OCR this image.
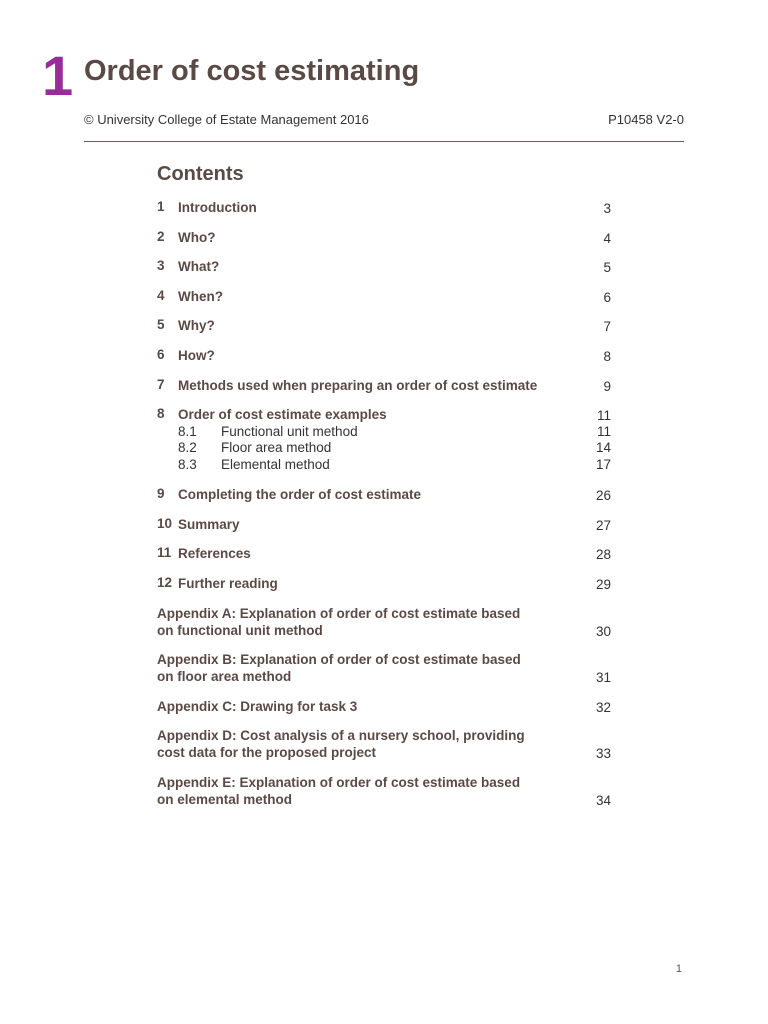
1 Order of cost estimating
© University College of Estate Management 2016	P10458 V2-0
Contents
1 Introduction	3
2 Who?	4
3 What?	5
4 When?	6
5 Why?	7
6 How?	8
7 Methods used when preparing an order of cost estimate	9
8 Order of cost estimate examples	11
8.1 Functional unit method	11
8.2 Floor area method	14
8.3 Elemental method	17
9 Completing the order of cost estimate	26
10 Summary	27
11 References	28
12 Further reading	29
Appendix A: Explanation of order of cost estimate based
on functional unit method	30
Appendix B: Explanation of order of cost estimate based
on floor area method	31
Appendix C: Drawing for task 3	32
Appendix D: Cost analysis of a nursery school, providing
cost data for the proposed project	33
Appendix E: Explanation of order of cost estimate based
on elemental method	34
1
